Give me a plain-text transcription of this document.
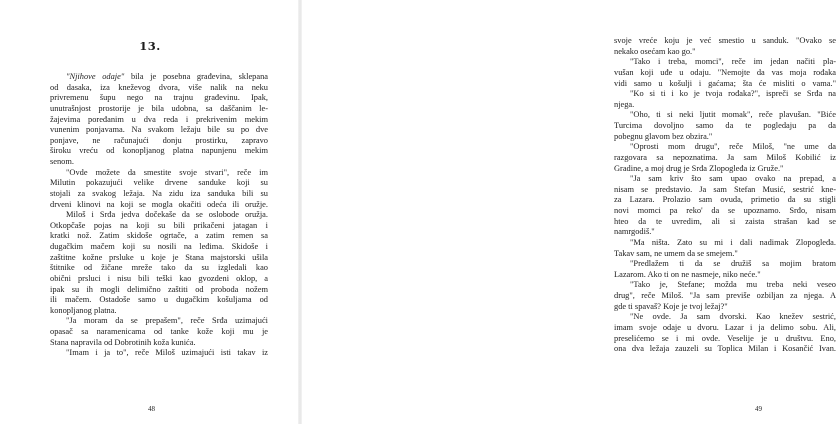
13.
"Njihove odaje" bila je posebna građevina, sklepana
od dasaka, iza kneževog dvora, više nalik na neku
privremenu šupu nego na trajnu građevinu. Ipak,
unutrašnjost prostorije je bila udobna, sa daščanim le-
žajevima poređanim u dva reda i prekrivenim mekim
vunenim ponjavama. Na svakom ležaju bile su po dve
ponjave, ne računajući donju prostirku, zapravo
široku vreću od konopljanog platna napunjenu mekim
senom.
"Ovde možete da smestite svoje stvari", reče im
Milutin pokazujući velike drvene sanduke koji su
stojali za svakog ležaja. Na zidu iza sanduka bili su
drveni klinovi na koji se mogla okačiti odeća ili oružje.
Miloš i Srđa jedva dočekaše da se oslobode oružja.
Otkopčaše pojas na koji su bili prikačeni jatagan i
kratki nož. Zatim skidoše ogrtače, a zatim remen sa
dugačkim mačem koji su nosili na leđima. Skidoše i
zaštitne kožne prsluke u koje je Stana majstorski ušila
štitnike od žičane mreže tako da su izgledali kao
obični prsluci i nisu bili teški kao gvozdeni oklop, a
ipak su ih mogli delimično zaštiti od proboda nožem
ili mačem. Ostadoše samo u dugačkim košuljama od
konopljanog platna.
"Ja moram da se prepašem", reče Srđa uzimajući
opasač sa naramenicama od tanke kože koji mu je
Stana napravila od Dobrotinih koža kunića.
"Imam i ja to", reče Miloš uzimajući isti takav iz
48
svoje vreće koju je već smestio u sanduk. "Ovako se
nekako osećam kao go."
"Tako i treba, momci", reče im jedan načiti pla-
vušan koji uđe u odaju. "Nemojte da vas moja rođaka
vidi samo u košulji i gaćama; šta će misliti o vama."
"Ko si ti i ko je tvoja rođaka?", ispreči se Srđa na
njega.
"Oho, ti si neki ljutit momak", reče plavušan. "Biće
Turcima dovoljno samo da te pogledaju pa da
pobegnu glavom bez obzira."
"Oprosti mom drugu", reče Miloš, "ne ume da
razgovara sa nepoznatima. Ja sam Miloš Kobilić iz
Gradine, a moj drug je Srđa Zlopogleđa iz Gruže."
"Ja sam kriv što sam upao ovako na prepad, a
nisam se predstavio. Ja sam Stefan Musić, sestrić kne-
za Lazara. Prolazio sam ovuda, primetio da su stigli
novi momci pa reko' da se upoznamo. Srđo, nisam
hteo da te uvredim, ali si zaista strašan kad se
namrgodiš."
"Ma ništa. Zato su mi i dali nadimak Zlopogleđa.
Takav sam, ne umem da se smejem."
"Predlažem ti da se družiš sa mojim bratom
Lazarom. Ako ti on ne nasmeje, niko neće."
"Tako je, Stefane; možda mu treba neki veseo
drug", reče Miloš. "Ja sam previše ozbiljan za njega. A
gde ti spavaš? Koje je tvoj ležaj?"
"Ne ovde. Ja sam dvorski. Kao knežev sestrić,
imam svoje odaje u dvoru. Lazar i ja delimo sobu. Ali,
preselićemo se i mi ovde. Veselije je u društvu. Eno,
ona dva ležaja zauzeli su Toplica Milan i Kosančić Ivan.
49
